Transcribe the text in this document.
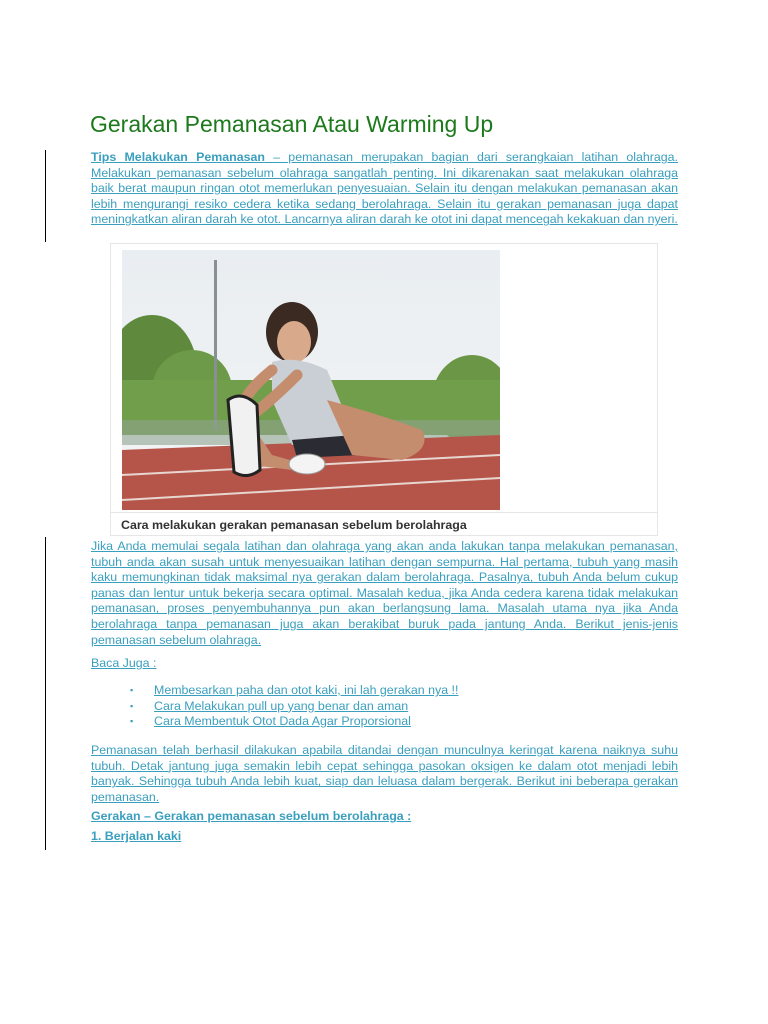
Gerakan Pemanasan Atau Warming Up

Tips Melakukan Pemanasan – pemanasan merupakan bagian dari serangkaian latihan olahraga. Melakukan pemanasan sebelum olahraga sangatlah penting. Ini dikarenakan saat melakukan olahraga baik berat maupun ringan otot memerlukan penyesuaian. Selain itu dengan melakukan pemanasan akan lebih mengurangi resiko cedera ketika sedang berolahraga. Selain itu gerakan pemanasan juga dapat meningkatkan aliran darah ke otot. Lancarnya aliran darah ke otot ini dapat mencegah kekakuan dan nyeri.

Cara melakukan gerakan pemanasan sebelum berolahraga

Jika Anda memulai segala latihan dan olahraga yang akan anda lakukan tanpa melakukan pemanasan, tubuh anda akan susah untuk menyesuaikan latihan dengan sempurna. Hal pertama, tubuh yang masih kaku memungkinan tidak maksimal nya gerakan dalam berolahraga. Pasalnya, tubuh Anda belum cukup panas dan lentur untuk bekerja secara optimal. Masalah kedua, jika Anda cedera karena tidak melakukan pemanasan, proses penyembuhannya pun akan berlangsung lama. Masalah utama nya jika Anda berolahraga tanpa pemanasan juga akan berakibat buruk pada jantung Anda. Berikut jenis-jenis pemanasan sebelum olahraga.

Baca Juga :

▪	Membesarkan paha dan otot kaki, ini lah gerakan nya !!
▪	Cara Melakukan pull up yang benar dan aman
▪	Cara Membentuk Otot Dada Agar Proporsional

Pemanasan telah berhasil dilakukan apabila ditandai dengan munculnya keringat karena naiknya suhu tubuh. Detak jantung juga semakin lebih cepat sehingga pasokan oksigen ke dalam otot menjadi lebih banyak. Sehingga tubuh Anda lebih kuat, siap dan leluasa dalam bergerak. Berikut ini beberapa gerakan pemanasan.

Gerakan – Gerakan pemanasan sebelum berolahraga :

1. Berjalan kaki
